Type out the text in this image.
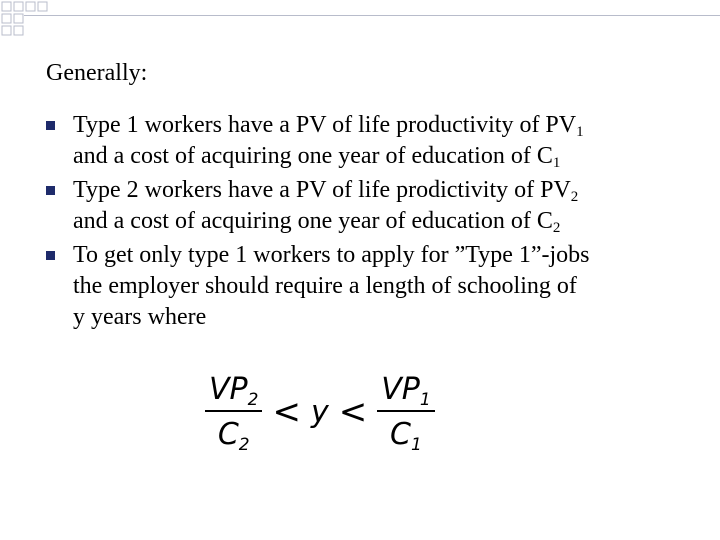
Generally:
Type 1 workers have a PV of life productivity of $PV_1$
and a cost of acquiring one year of education of $C_1$
Type 2 workers have a PV of life prodictivity of $PV_2$
and a cost of acquiring one year of education of $C_2$
To get only type 1 workers to apply for ”Type 1”-jobs
the employer should require a length of schooling of
y years where
$\frac{VP_2}{C_2} < y < \frac{VP_1}{C_1}$
